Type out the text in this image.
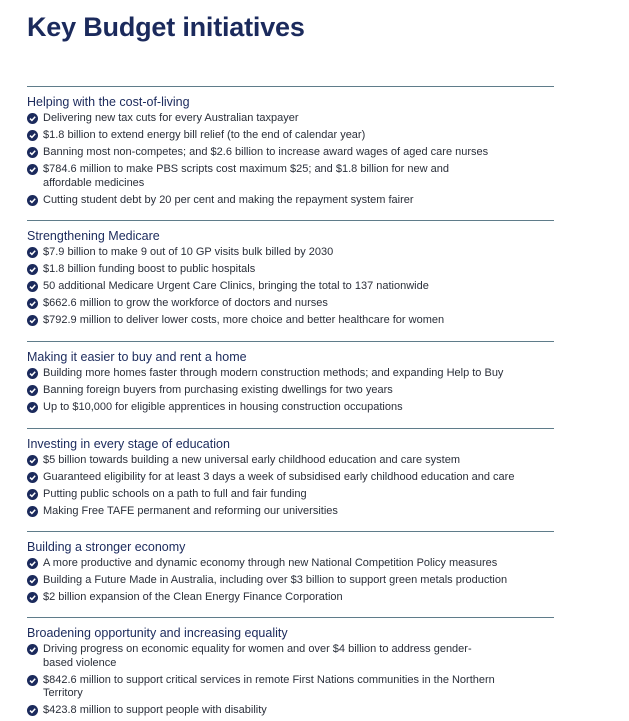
Key Budget initiatives
Helping with the cost-of-living
Delivering new tax cuts for every Australian taxpayer
$1.8 billion to extend energy bill relief (to the end of calendar year)
Banning most non-competes; and $2.6 billion to increase award wages of aged care nurses
$784.6 million to make PBS scripts cost maximum $25; and $1.8 billion for new and affordable medicines
Cutting student debt by 20 per cent and making the repayment system fairer
Strengthening Medicare
$7.9 billion to make 9 out of 10 GP visits bulk billed by 2030
$1.8 billion funding boost to public hospitals
50 additional Medicare Urgent Care Clinics, bringing the total to 137 nationwide
$662.6 million to grow the workforce of doctors and nurses
$792.9 million to deliver lower costs, more choice and better healthcare for women
Making it easier to buy and rent a home
Building more homes faster through modern construction methods; and expanding Help to Buy
Banning foreign buyers from purchasing existing dwellings for two years
Up to $10,000 for eligible apprentices in housing construction occupations
Investing in every stage of education
$5 billion towards building a new universal early childhood education and care system
Guaranteed eligibility for at least 3 days a week of subsidised early childhood education and care
Putting public schools on a path to full and fair funding
Making Free TAFE permanent and reforming our universities
Building a stronger economy
A more productive and dynamic economy through new National Competition Policy measures
Building a Future Made in Australia, including over $3 billion to support green metals production
$2 billion expansion of the Clean Energy Finance Corporation
Broadening opportunity and increasing equality
Driving progress on economic equality for women and over $4 billion to address gender-based violence
$842.6 million to support critical services in remote First Nations communities in the Northern Territory
$423.8 million to support people with disability
